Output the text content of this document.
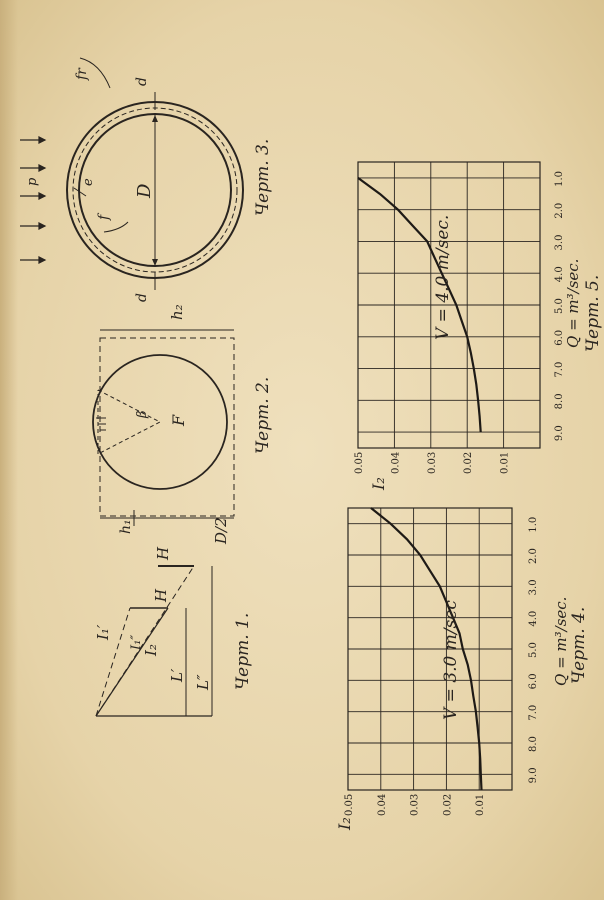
p
D
d
d
e
f
fr
Черт. 3.
β
F
h₂
h₁	D/2
Черт. 2.
I₁′
I₁″
I₂
H
H
L′ L″ Черт. 1.
1.0
2.0
3.0
4.0
5.0
6.0
7.0
8.0
9.0
0.05 0.04 0.03 0.02 0.01
V = 3.0 m/sec
I₂
Q = m³/sec. Черт. 4.
1.0
2.0
3.0
4.0
5.0
6.0
7.0
8.0
9.0
0.05	0.04	0.03	0.02	0.01
V = 4.0 m/sec.
I₂
Q = m³/sec. Черт. 5.
